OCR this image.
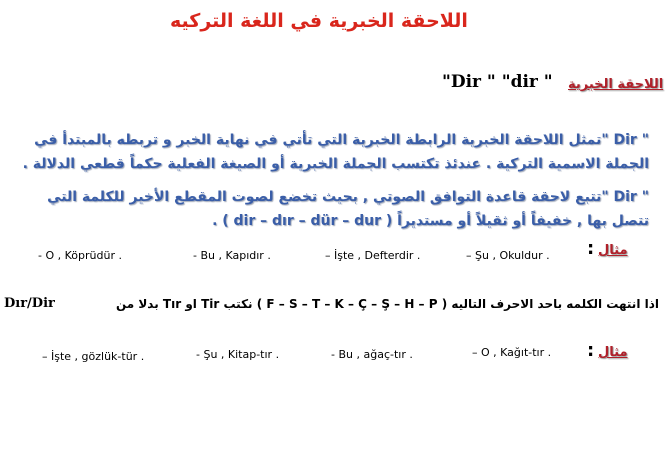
اللاحقة الخبرية في اللغة التركيه
اللاحقة الخبرية
"Dir " "dir "
" Dir "تمثل اللاحقة الخبرية الرابطة الخبرية التي تأتي في نهاية الخبر و تربطه بالمبتدأ في الجملة الاسمية التركية . عندئذ تكتسب الجملة الخبرية أو الصيغة الفعلية حكماً قطعي الدلالة .
" Dir "تتبع لاحقة قاعدة التوافق الصوتي , بحيث تخضع لصوت المقطع الأخير للكلمة التي تتصل بها , خفيفاً أو ثقيلاً أو مستديراً ( dir – dır – dür – dur ) .
مثال
:
– Şu , Okuldur .
– İşte , Defterdir .
- Bu , Kapıdır .
- O , Köprüdür .
اذا انتهت الكلمه باحد الاحرف التاليه ( F – S – T – K – Ç – Ş – H – P ) نكتب Tir او Tır بدلا من
Dır/Dir
مثال
:
– O , Kağıt-tır .
- Bu , ağaç-tır .
- Şu , Kitap-tır .
– İşte , gözlük-tür .
